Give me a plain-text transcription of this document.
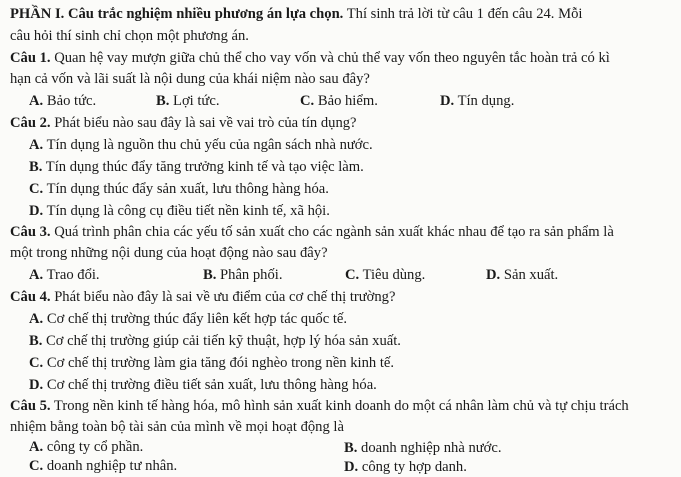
PHẦN I. Câu trắc nghiệm nhiều phương án lựa chọn. Thí sinh trả lời từ câu 1 đến câu 24. Mỗi
câu hỏi thí sinh chỉ chọn một phương án.
Câu 1. Quan hệ vay mượn giữa chủ thể cho vay vốn và chủ thể vay vốn theo nguyên tắc hoàn trả có kì
hạn cả vốn và lãi suất là nội dung của khái niệm nào sau đây?
A. Bảo tức.	B. Lợi tức.	C. Bảo hiểm.	D. Tín dụng.
Câu 2. Phát biểu nào sau đây là sai về vai trò của tín dụng?
A. Tín dụng là nguồn thu chủ yếu của ngân sách nhà nước.
B. Tín dụng thúc đẩy tăng trưởng kinh tế và tạo việc làm.
C. Tín dụng thúc đẩy sản xuất, lưu thông hàng hóa.
D. Tín dụng là công cụ điều tiết nền kinh tế, xã hội.
Câu 3. Quá trình phân chia các yếu tố sản xuất cho các ngành sản xuất khác nhau để tạo ra sản phẩm là
một trong những nội dung của hoạt động nào sau đây?
A. Trao đổi.	B. Phân phối.	C. Tiêu dùng.	D. Sản xuất.
Câu 4. Phát biểu nào đây là sai về ưu điểm của cơ chế thị trường?
A. Cơ chế thị trường thúc đẩy liên kết hợp tác quốc tế.
B. Cơ chế thị trường giúp cải tiến kỹ thuật, hợp lý hóa sản xuất.
C. Cơ chế thị trường làm gia tăng đói nghèo trong nền kinh tế.
D. Cơ chế thị trường điều tiết sản xuất, lưu thông hàng hóa.
Câu 5. Trong nền kinh tế hàng hóa, mô hình sản xuất kinh doanh do một cá nhân làm chủ và tự chịu trách
nhiệm bằng toàn bộ tài sản của mình về mọi hoạt động là
A. công ty cổ phần.	B. doanh nghiệp nhà nước.
C. doanh nghiệp tư nhân.	D. công ty hợp danh.
